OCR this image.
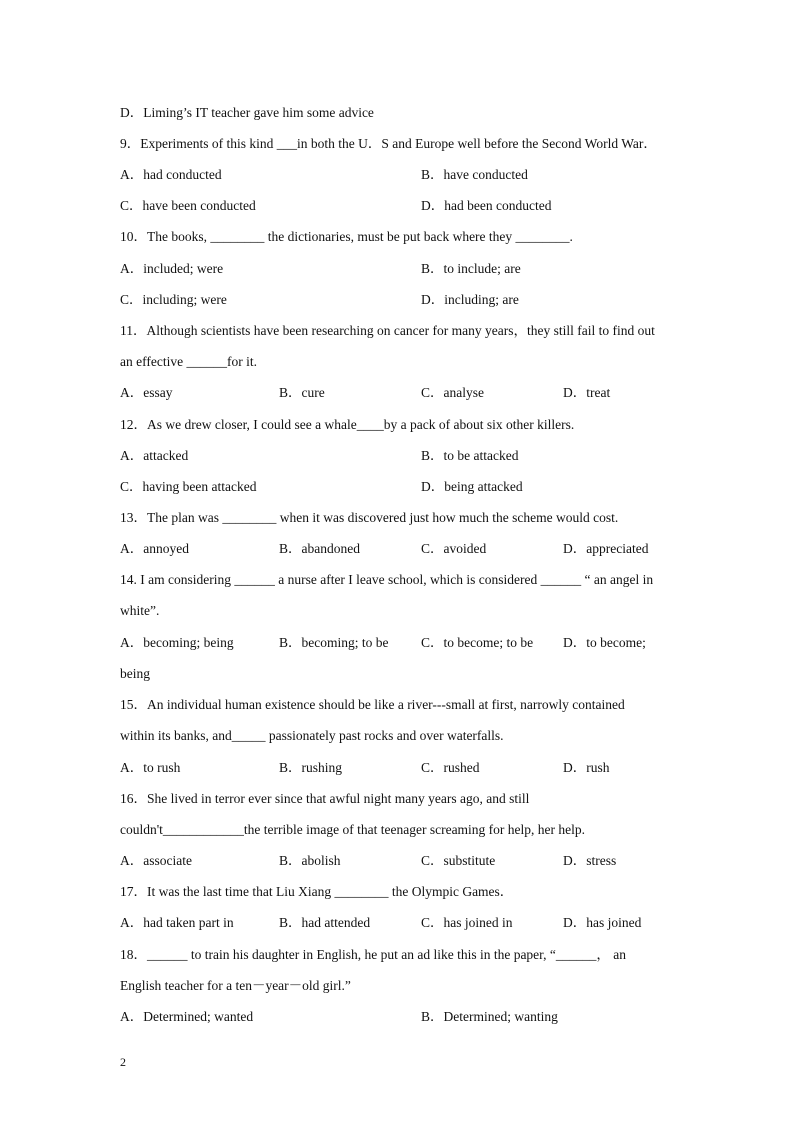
D．Liming’s IT teacher gave him some advice
9．Experiments of this kind ___in both the U．S and Europe well before the Second World War．
A．had conducted	B．have conducted
C．have been conducted	D．had been conducted
10．The books, ________ the dictionaries, must be put back where they ________.
A．included; were	B．to include; are
C．including; were	D．including; are
11．Although scientists have been researching on cancer for many years，they still fail to find out
an effective ______for it.
A．essay	B．cure	C．analyse	D．treat
12．As we drew closer, I could see a whale____by a pack of about six other killers.
A．attacked	B．to be attacked
C．having been attacked	D．being attacked
13．The plan was ________ when it was discovered just how much the scheme would cost.
A．annoyed	B．abandoned	C．avoided	D．appreciated
14. I am considering ______ a nurse after I leave school, which is considered ______ “ an angel in
white”.
A．becoming; being	B．becoming; to be C．to become; to be D．to become;
being
15．An individual human existence should be like a river---small at first, narrowly contained
within its banks, and_____ passionately past rocks and over waterfalls.
A．to rush	B．rushing	C．rushed	D．rush
16．She lived in terror ever since that awful night many years ago, and still
couldn't____________the terrible image of that teenager screaming for help, her help.
A．associate	B．abolish	C．substitute	D．stress
17．It was the last time that Liu Xiang ________ the Olympic Games．
A．had taken part in	B．had attended	C．has joined in	D．has joined
18．______ to train his daughter in English, he put an ad like this in the paper, “______， an
English teacher for a ten－year－old girl.”
A．Determined; wanted	B．Determined; wanting
2
